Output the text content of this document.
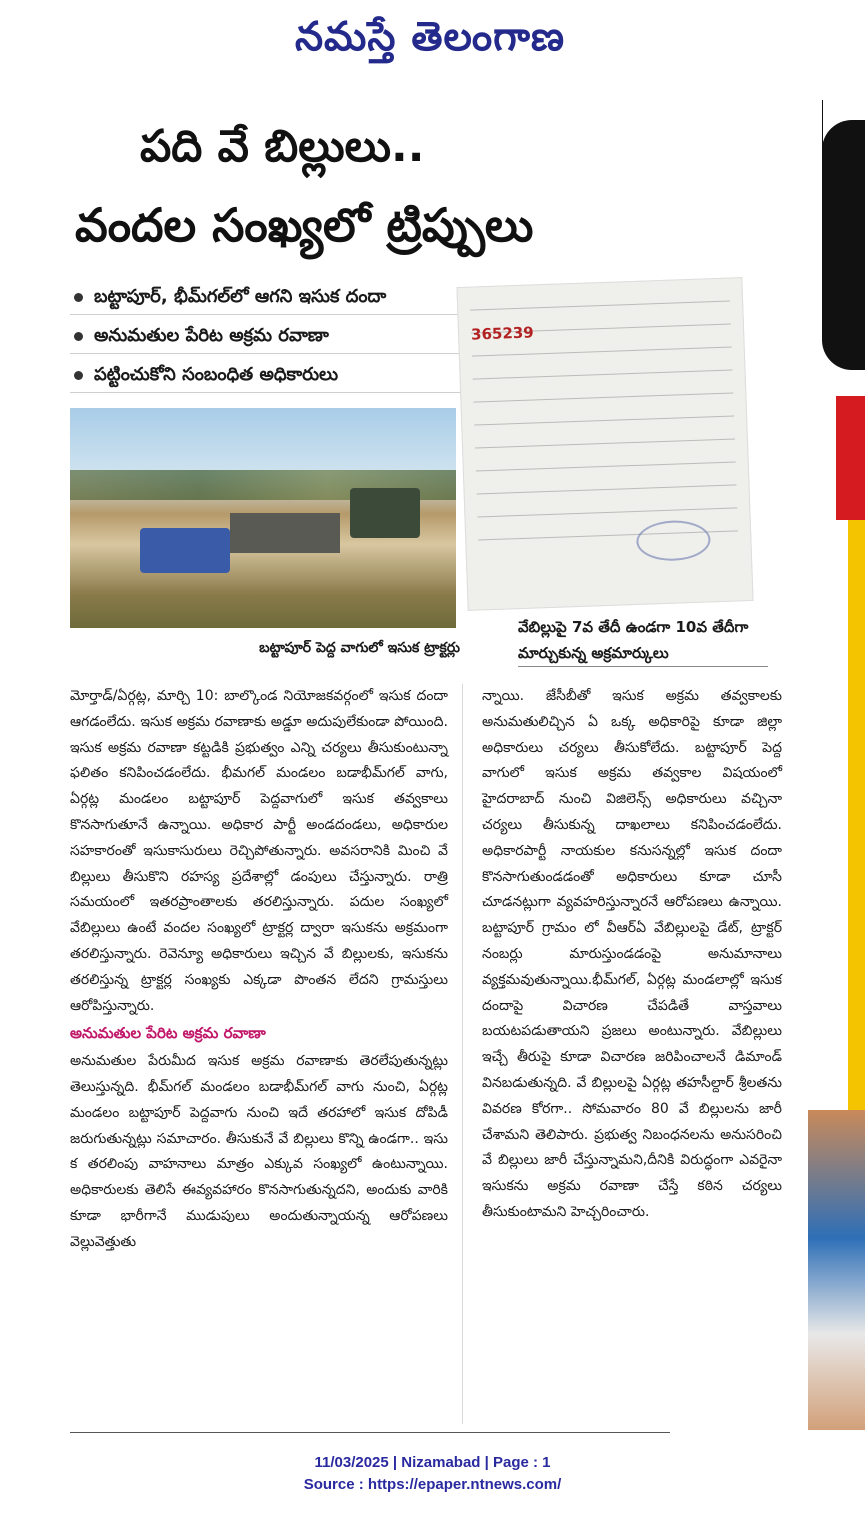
నమస్తే తెలంగాణ
పది వే బిల్లులు..
వందల సంఖ్యలో ట్రిప్పులు
బట్టాపూర్, భీమ్‌గల్‌లో ఆగని ఇసుక దందా
అనుమతుల పేరిట అక్రమ రవాణా
పట్టించుకోని సంబంధిత అధికారులు
బట్టాపూర్ పెద్ద వాగులో ఇసుక ట్రాక్టర్లు
365239
వేబిల్లుపై 7వ తేదీ ఉండగా 10వ తేదీగా మార్చుకున్న అక్రమార్కులు

మోర్తాడ్/ఏర్గట్ల, మార్చి 10: బాల్కొండ నియోజకవర్గంలో ఇసుక దందా ఆగడంలేదు. ఇసుక అక్రమ రవాణాకు అడ్డూ అదుపులేకుండా పోయింది. ఇసుక అక్రమ రవాణా కట్టడికి ప్రభుత్వం ఎన్ని చర్యలు తీసుకుంటున్నా ఫలితం కనిపించడంలేదు. భీమగల్ మండలం బడాభీమ్‌గల్ వాగు, ఏర్గట్ల మండలం బట్టాపూర్ పెద్దవాగులో ఇసుక తవ్వకాలు కొనసాగుతూనే ఉన్నాయి. అధికార పార్టీ అండదండలు, అధికారుల సహకారంతో ఇసుకాసురులు రెచ్చిపోతున్నారు. అవసరానికి మించి వే బిల్లులు తీసుకొని రహస్య ప్రదేశాల్లో డంపులు చేస్తున్నారు. రాత్రి సమయంలో ఇతరప్రాంతాలకు తరలిస్తున్నారు. పదుల సంఖ్యలో వేబిల్లులు ఉంటే వందల సంఖ్యలో ట్రాక్టర్ల ద్వారా ఇసుకను అక్రమంగా తరలిస్తున్నారు. రెవెన్యూ అధికారులు ఇచ్చిన వే బిల్లులకు, ఇసుకను తరలిస్తున్న ట్రాక్టర్ల సంఖ్యకు ఎక్కడా పొంతన లేదని గ్రామస్తులు ఆరోపిస్తున్నారు.

అనుమతుల పేరిట అక్రమ రవాణా

అనుమతుల పేరుమీద ఇసుక అక్రమ రవాణాకు తెరలేపుతున్నట్లు తెలుస్తున్నది. భీమ్‌గల్ మండలం బడాభీమ్‌గల్ వాగు నుంచి, ఏర్గట్ల మండలం బట్టాపూర్ పెద్దవాగు నుంచి ఇదే తరహాలో ఇసుక దోపిడీ జరుగుతున్నట్లు సమాచారం. తీసుకునే వే బిల్లులు కొన్ని ఉండగా.. ఇసు క తరలింపు వాహనాలు మాత్రం ఎక్కువ సంఖ్యలో ఉంటున్నాయి. అధికారులకు తెలిసే ఈవ్యవహారం కొనసాగుతున్నదని, అందుకు వారికి కూడా భారీగానే ముడుపులు అందుతున్నాయన్న ఆరోపణలు వెల్లువెత్తుతు

న్నాయి. జేసీబీతో ఇసుక అక్రమ తవ్వకాలకు అనుమతులిచ్చిన ఏ ఒక్క అధికారిపై కూడా జిల్లా అధికారులు చర్యలు తీసుకోలేదు. బట్టాపూర్ పెద్ద వాగులో ఇసుక అక్రమ తవ్వకాల విషయంలో హైదరాబాద్ నుంచి విజిలెన్స్ అధికారులు వచ్చినా చర్యలు తీసుకున్న దాఖలాలు కనిపించడంలేదు. అధికారపార్టీ నాయకుల కనుసన్నల్లో ఇసుక దందా కొనసాగుతుండడంతో అధికారులు కూడా చూసీ చూడనట్లుగా వ్యవహరిస్తున్నారనే ఆరోపణలు ఉన్నాయి. బట్టాపూర్ గ్రామం లో వీఆర్ఏ వేబిల్లులపై డేట్, ట్రాక్టర్ నంబర్లు మారుస్తుండడంపై అనుమానాలు వ్యక్తమవుతున్నాయి.భీమ్‌గల్, ఏర్గట్ల మండలాల్లో ఇసుక దందాపై విచారణ చేపడితే వాస్తవాలు బయటపడుతాయని ప్రజలు అంటున్నారు. వేబిల్లులు ఇచ్చే తీరుపై కూడా విచారణ జరిపించాలనే డిమాండ్ వినబడుతున్నది. వే బిల్లులపై ఏర్గట్ల తహసీల్దార్ శ్రీలతను వివరణ కోరగా.. సోమవారం 80 వే బిల్లులను జారీ చేశామని తెలిపారు. ప్రభుత్వ నిబంధనలను అనుసరించి వే బిల్లులు జారీ చేస్తున్నామని,దీనికి విరుద్ధంగా ఎవరైనా ఇసుకను అక్రమ రవాణా చేస్తే కఠిన చర్యలు తీసుకుంటామని హెచ్చరించారు.

11/03/2025 | Nizamabad | Page : 1
Source : https://epaper.ntnews.com/
